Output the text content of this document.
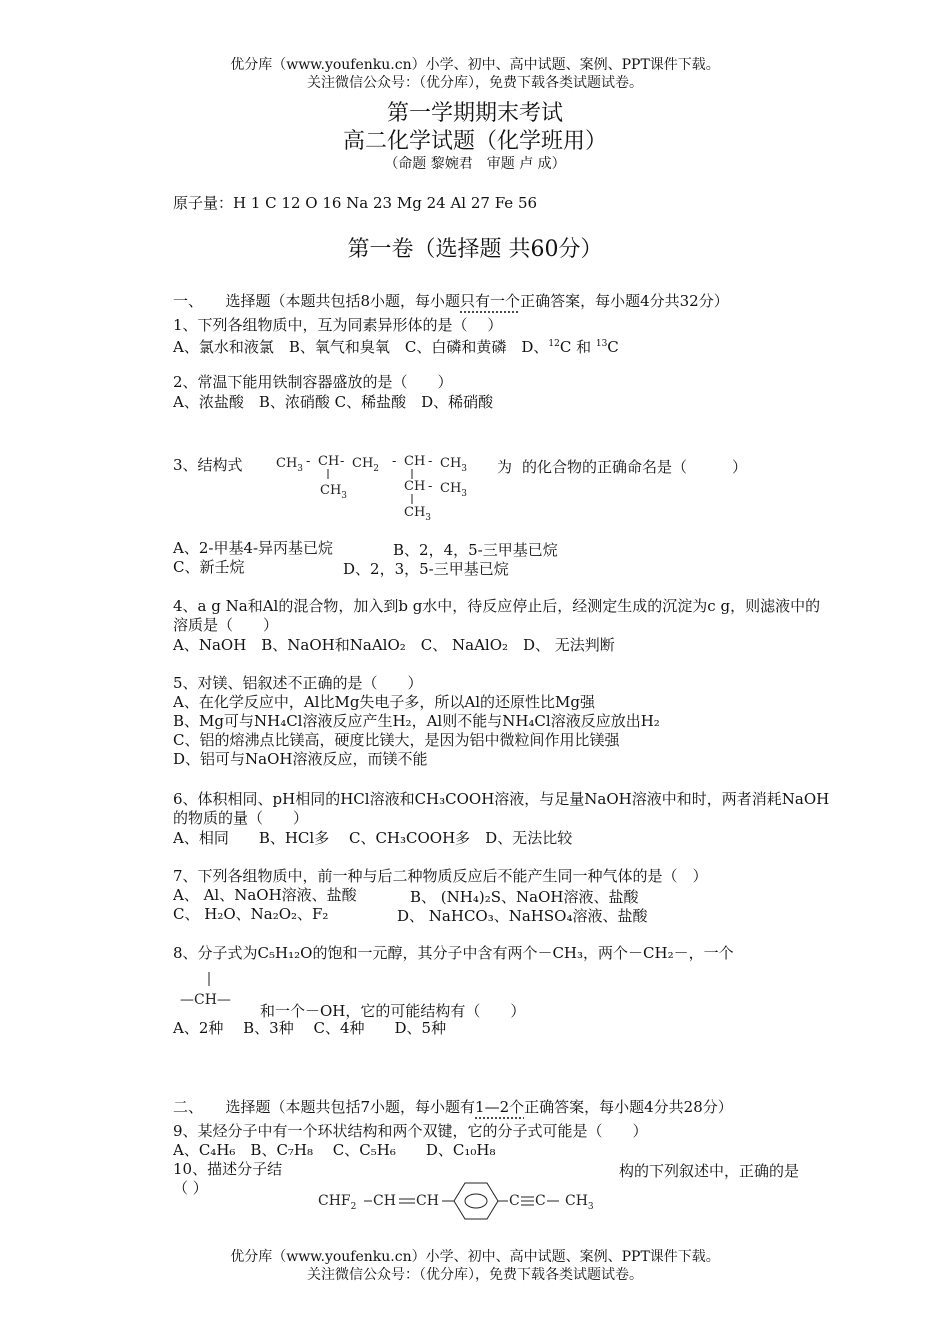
优分库（www.youfenku.cn）小学、初中、高中试题、案例、PPT课件下载。
关注微信公众号：（优分库），免费下载各类试题试卷。
第一学期期末考试
高二化学试题（化学班用）
（命题 黎婉君　审题 卢 成）
原子量：H 1 C 12 O 16 Na 23 Mg 24 Al 27 Fe 56
第一卷（选择题 共60分）
一、　　选择题（本题共包括8小题，每小题只有一个正确答案，每小题4分共32分）
1、下列各组物质中，互为同素异形体的是（　 ）
A、氯水和液氯　B、氧气和臭氧　C、白磷和黄磷　D、$^{12}$C 和 $^{13}$C
2、常温下能用铁制容器盛放的是（　　）
A、浓盐酸　B、浓硝酸 C、稀盐酸　D、稀硝酸
3、结构式	$CH_3$ - CH - $CH_2$ - CH - $CH_3$
$CH_3$
CH - $CH_3$
$CH_3$
为 的化合物的正确命名是（　　　）
A、2-甲基4-异丙基已烷	B、2，4，5-三甲基已烷
C、新壬烷	D、2，3，5-三甲基已烷
4、a g Na和Al的混合物，加入到b g水中，待反应停止后，经测定生成的沉淀为c g，则滤液中的溶质是（　　）
A、NaOH　B、NaOH和NaAlO₂　C、 NaAlO₂　D、 无法判断
5、对镁、铝叙述不正确的是（　　）
A、在化学反应中，Al比Mg失电子多，所以Al的还原性比Mg强
B、Mg可与NH₄Cl溶液反应产生H₂，Al则不能与NH₄Cl溶液反应放出H₂
C、铝的熔沸点比镁高，硬度比镁大，是因为铝中微粒间作用比镁强
D、铝可与NaOH溶液反应，而镁不能
6、体积相同、pH相同的HCl溶液和CH₃COOH溶液，与足量NaOH溶液中和时，两者消耗NaOH的物质的量（　　）
A、相同　　B、HCl多　 C、CH₃COOH多　D、无法比较
7、下列各组物质中，前一种与后二种物质反应后不能产生同一种气体的是（　）
A、 Al、NaOH溶液、盐酸	B、 (NH₄)₂S、NaOH溶液、盐酸
C、 H₂O、Na₂O₂、F₂	D、 NaHCO₃、NaHSO₄溶液、盐酸
8、分子式为C₅H₁₂O的饱和一元醇，其分子中含有两个－CH₃，两个－CH₂－，一个
—CH—
和一个－OH，它的可能结构有（　　）
A、2种　 B、3种　 C、4种　　D、5种
二、　　选择题（本题共包括7小题，每小题有1—2个正确答案，每小题4分共28分）
9、某烃分子中有一个环状结构和两个双键，它的分子式可能是（　　）
A、C₄H₆　B、C₇H₈　 C、C₅H₆　　D、C₁₀H₈
10、描述分子结	构的下列叙述中，正确的是
（ ）
$CHF_2$ CH CH	C C $CH_3$
优分库（www.youfenku.cn）小学、初中、高中试题、案例、PPT课件下载。
关注微信公众号：（优分库），免费下载各类试题试卷。
